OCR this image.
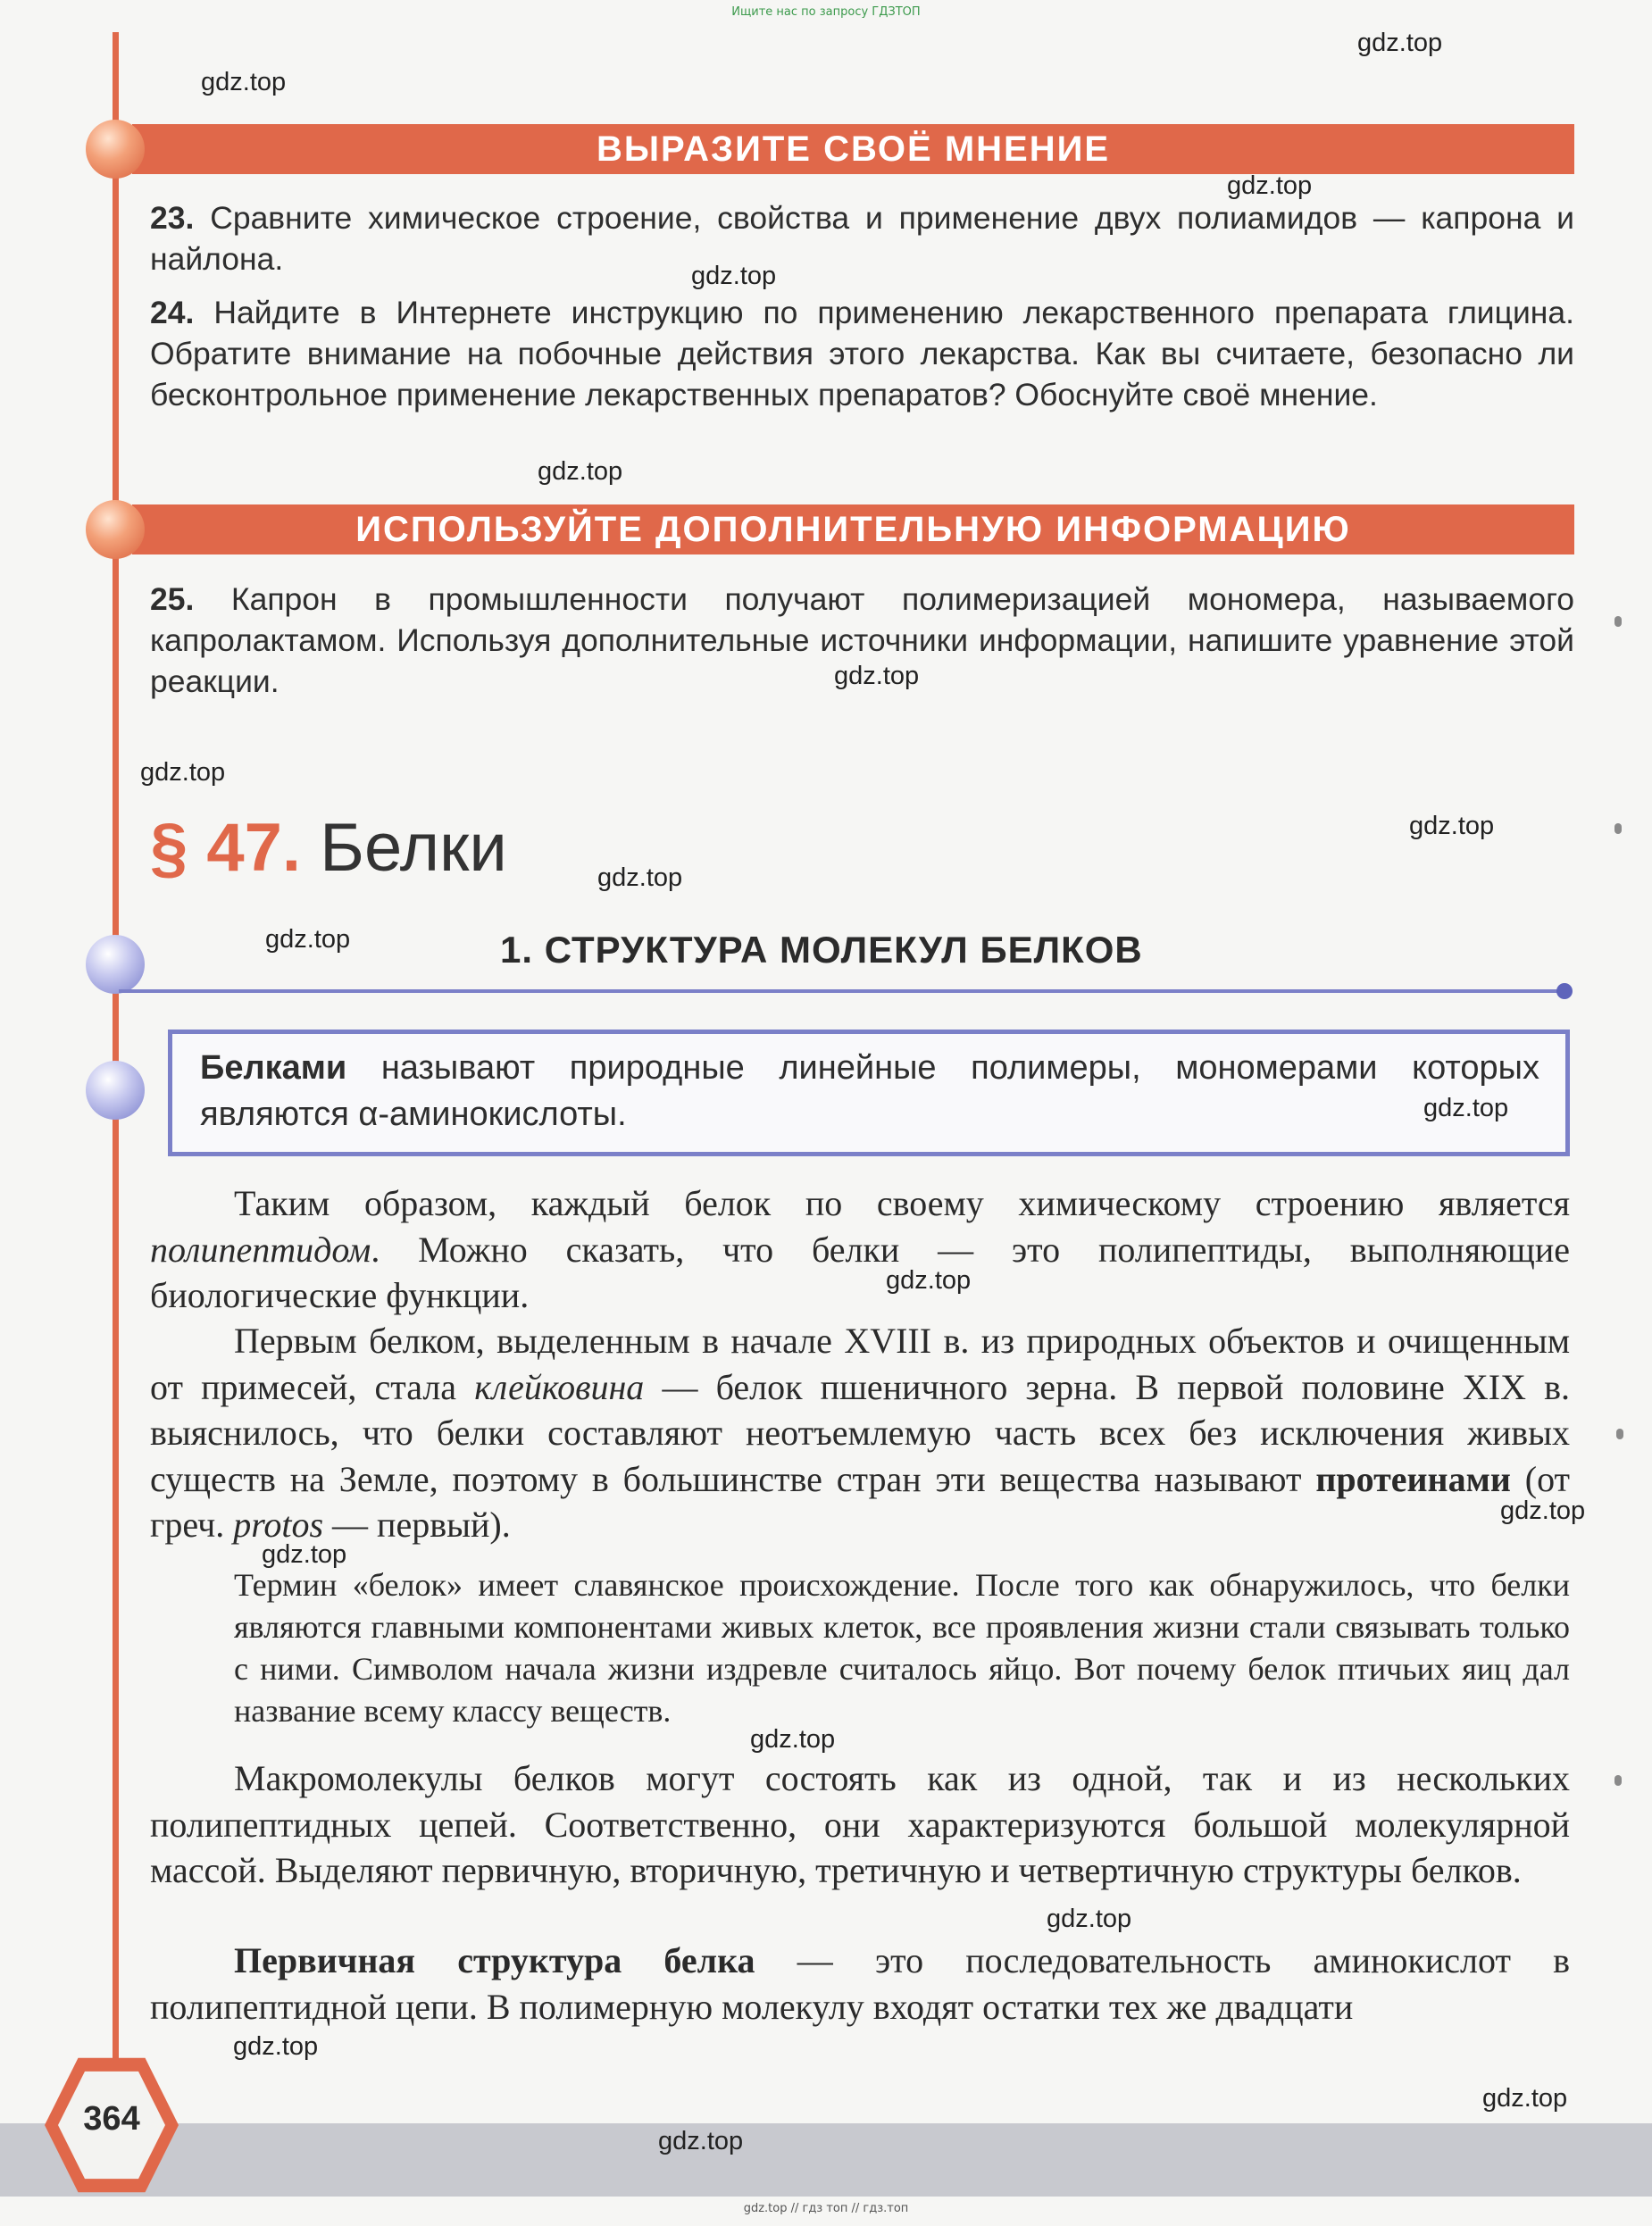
Ищите нас по запросу ГДЗТОП
ВЫРАЗИТЕ СВОЁ МНЕНИЕ
23. Сравните химическое строение, свойства и применение двух полиамидов — капрона и найлона.
24. Найдите в Интернете инструкцию по применению лекарственного препарата глицина. Обратите внимание на побочные действия этого лекарства. Как вы считаете, безопасно ли бесконтрольное применение лекарственных препаратов? Обоснуйте своё мнение.
ИСПОЛЬЗУЙТЕ ДОПОЛНИТЕЛЬНУЮ ИНФОРМАЦИЮ
25. Капрон в промышленности получают полимеризацией мономера, называемого капролактамом. Используя дополнительные источники информации, напишите уравнение этой реакции.
§ 47. Белки
1. СТРУКТУРА МОЛЕКУЛ БЕЛКОВ
Белками называют природные линейные полимеры, мономерами которых являются α-аминокислоты.
Таким образом, каждый белок по своему химическому строению является полипептидом. Можно сказать, что белки — это полипептиды, выполняющие биологические функции.
Первым белком, выделенным в начале XVIII в. из природных объектов и очищенным от примесей, стала клейковина — белок пшеничного зерна. В первой половине XIX в. выяснилось, что белки составляют неотъемлемую часть всех без исключения живых существ на Земле, поэтому в большинстве стран эти вещества называют протеинами (от греч. protos — первый).
Термин «белок» имеет славянское происхождение. После того как обнаружилось, что белки являются главными компонентами живых клеток, все проявления жизни стали связывать только с ними. Символом начала жизни издревле считалось яйцо. Вот почему белок птичьих яиц дал название всему классу веществ.
Макромолекулы белков могут состоять как из одной, так и из нескольких полипептидных цепей. Соответственно, они характеризуются большой молекулярной массой. Выделяют первичную, вторичную, третичную и четвертичную структуры белков.
Первичная структура белка — это последовательность аминокислот в полипептидной цепи. В полимерную молекулу входят остатки тех же двадцати
364
gdz.top
gdz.top
gdz.top
gdz.top
gdz.top
gdz.top
gdz.top
gdz.top
gdz.top
gdz.top
gdz.top
gdz.top
gdz.top
gdz.top
gdz.top
gdz.top
gdz.top
gdz.top
gdz.top
gdz.top // гдз топ // гдз.топ
